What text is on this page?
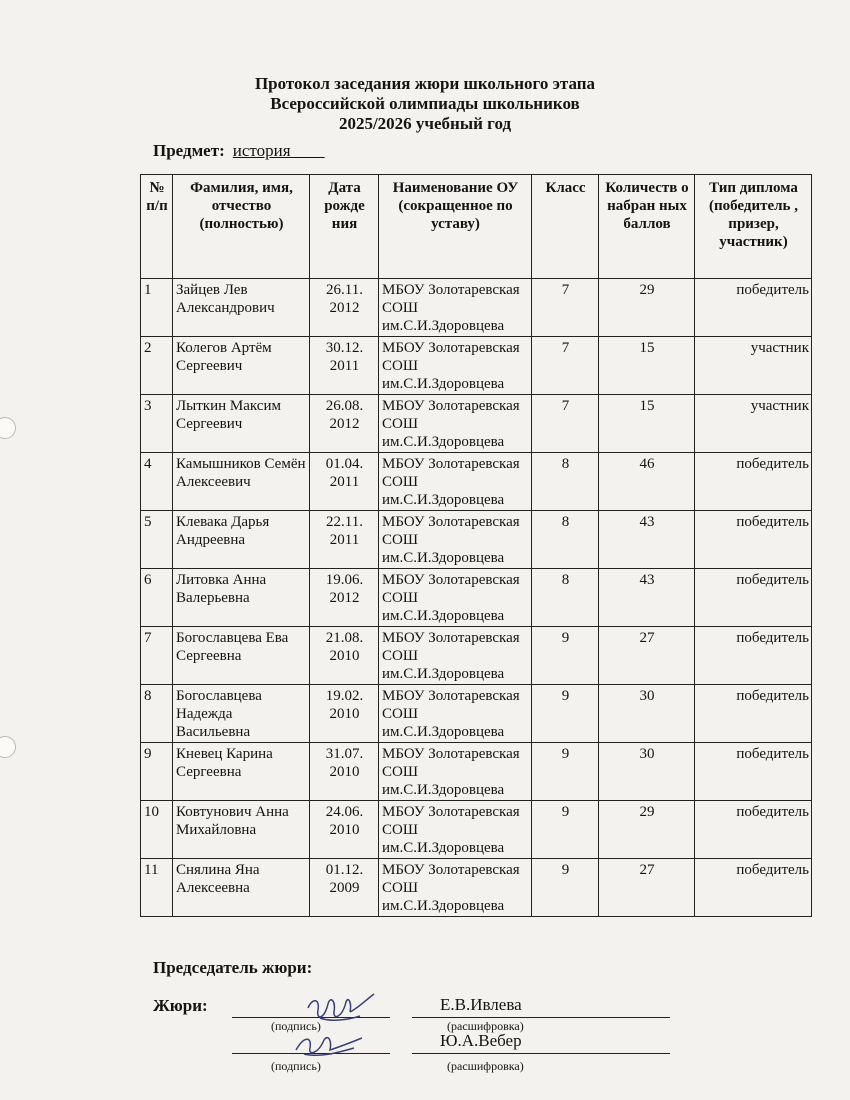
Протокол заседания жюри школьного этапа
Всероссийской олимпиады школьников
2025/2026 учебный год
Предмет: история ____
№ п/п	Фамилия, имя, отчество (полностью)	Дата рожде ния	Наименование ОУ (сокращенное по уставу)	Класс	Количеств о набран ных баллов	Тип диплома (победитель , призер, участник)
1	Зайцев Лев Александрович	26.11. 2012	МБОУ Золотаревская СОШ им.С.И.Здоровцева	7	29	победитель
2	Колегов Артём Сергеевич	30.12. 2011	МБОУ Золотаревская СОШ им.С.И.Здоровцева	7	15	участник
3	Лыткин Максим Сергеевич	26.08. 2012	МБОУ Золотаревская СОШ им.С.И.Здоровцева	7	15	участник
4	Камышников Семён Алексеевич	01.04. 2011	МБОУ Золотаревская СОШ им.С.И.Здоровцева	8	46	победитель
5	Клевака Дарья Андреевна	22.11. 2011	МБОУ Золотаревская СОШ им.С.И.Здоровцева	8	43	победитель
6	Литовка Анна Валерьевна	19.06. 2012	МБОУ Золотаревская СОШ им.С.И.Здоровцева	8	43	победитель
7	Богославцева Ева Сергеевна	21.08. 2010	МБОУ Золотаревская СОШ им.С.И.Здоровцева	9	27	победитель
8	Богославцева Надежда Васильевна	19.02. 2010	МБОУ Золотаревская СОШ им.С.И.Здоровцева	9	30	победитель
9	Кневец Карина Сергеевна	31.07. 2010	МБОУ Золотаревская СОШ им.С.И.Здоровцева	9	30	победитель
10	Ковтунович Анна Михайловна	24.06. 2010	МБОУ Золотаревская СОШ им.С.И.Здоровцева	9	29	победитель
11	Снялина Яна Алексеевна	01.12. 2009	МБОУ Золотаревская СОШ им.С.И.Здоровцева	9	27	победитель
Председатель жюри:
Жюри:
(подпись)
Е.В.Ивлева
(расшифровка)
(подпись)
Ю.А.Вебер
(расшифровка)
